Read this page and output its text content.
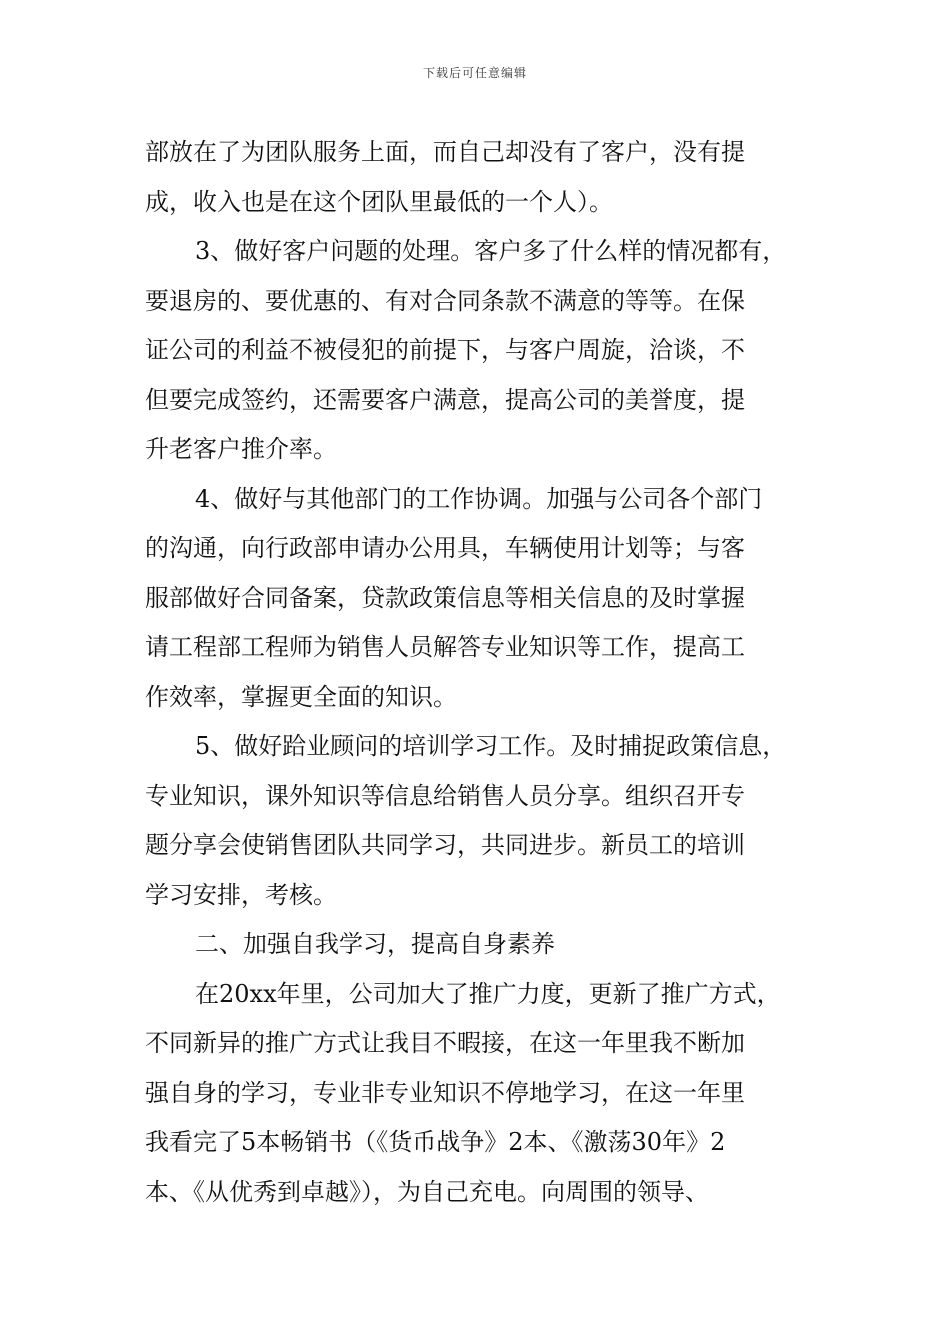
下载后可任意编辑
部放在了为团队服务上面，而自己却没有了客户，没有提
成，收入也是在这个团队里最低的一个人）。
3、做好客户问题的处理。客户多了什么样的情况都有，
要退房的、要优惠的、有对合同条款不满意的等等。在保
证公司的利益不被侵犯的前提下，与客户周旋，洽谈，不
但要完成签约，还需要客户满意，提高公司的美誉度，提
升老客户推介率。
4、做好与其他部门的工作协调。加强与公司各个部门
的沟通，向行政部申请办公用具，车辆使用计划等；与客
服部做好合同备案，贷款政策信息等相关信息的及时掌握
请工程部工程师为销售人员解答专业知识等工作，提高工
作效率，掌握更全面的知识。
5、做好跲业顾问的培训学习工作。及时捕捉政策信息，
专业知识，课外知识等信息给销售人员分享。组织召开专
题分享会使销售团队共同学习，共同进步。新员工的培训
学习安排，考核。
二、加强自我学习，提高自身素养
在20xx年里，公司加大了推广力度，更新了推广方式，
不同新异的推广方式让我目不暇接，在这一年里我不断加
强自身的学习，专业非专业知识不停地学习，在这一年里
我看完了5本畅销书（《货币战争》2本、《激荡30年》2
本、《从优秀到卓越》），为自己充电。向周围的领导、
